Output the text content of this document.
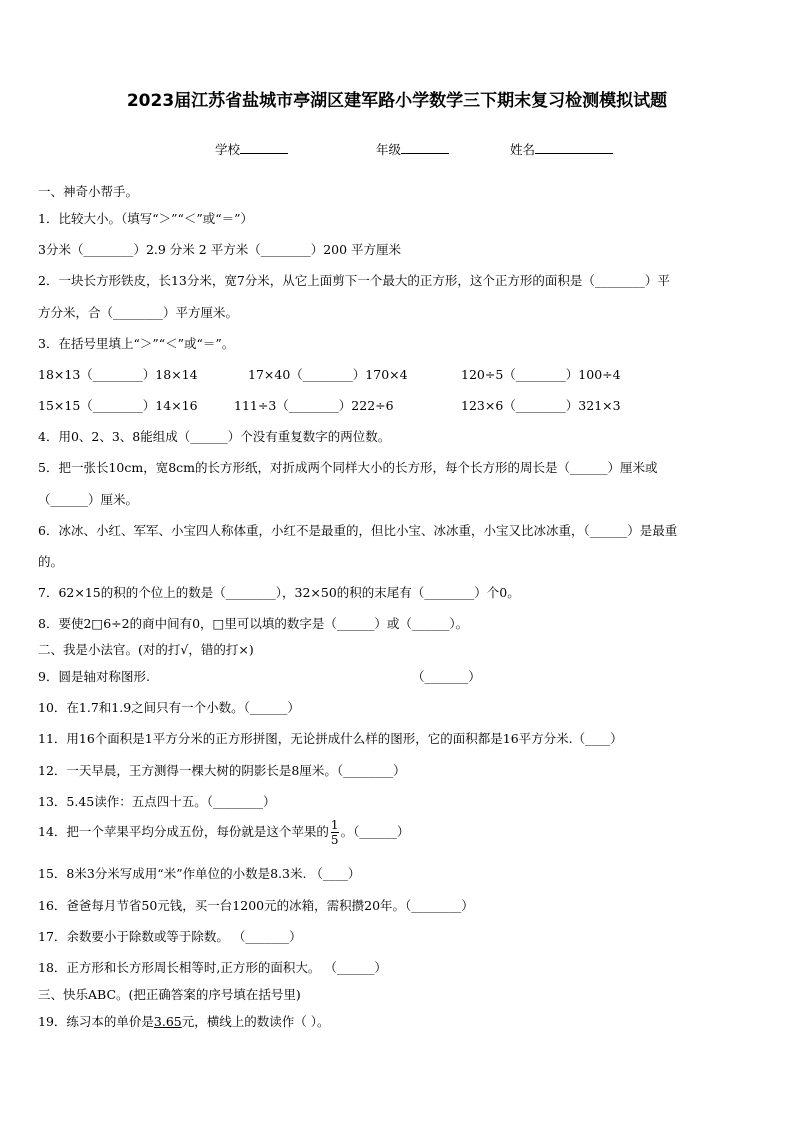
2023届江苏省盐城市亭湖区建军路小学数学三下期末复习检测模拟试题
学校	年级	姓名
一、神奇小帮手。
1．比较大小。（填写“＞”“＜”或“＝”）
3分米（________）2.9 分米 2 平方米（________）200 平方厘米
2．一块长方形铁皮，长13分米，宽7分米，从它上面剪下一个最大的正方形，这个正方形的面积是（________）平
方分米，合（________）平方厘米。
3．在括号里填上“＞”“＜”或“＝”。
18×13（________）18×14	17×40（________）170×4	120÷5（________）100÷4
15×15（________）14×16	111÷3（________）222÷6	123×6（________）321×3
4．用0、2、3、8能组成（______）个没有重复数字的两位数。
5．把一张长10cm，宽8cm的长方形纸，对折成两个同样大小的长方形，每个长方形的周长是（______）厘米或
（______）厘米。
6．冰冰、小红、军军、小宝四人称体重，小红不是最重的，但比小宝、冰冰重，小宝又比冰冰重，（______）是最重
的。
7．62×15的积的个位上的数是（________），32×50的积的末尾有（________）个0。
8．要使2□6÷2的商中间有0，□里可以填的数字是（______）或（______）。
二、我是小法官。(对的打√，错的打×)
9．圆是轴对称图形.	（_______）
10．在1.7和1.9之间只有一个小数。（______）
11．用16个面积是1平方分米的正方形拼图，无论拼成什么样的图形，它的面积都是16平方分米.（____）
12．一天早晨，王方测得一棵大树的阴影长是8厘米。（________）
13．5.45读作：五点四十五。（________）
14．把一个苹果平均分成五份，每份就是这个苹果的 $\frac{1}{5}$ 。（______）
15．8米3分米写成用“米”作单位的小数是8.3米. （____）
16．爸爸每月节省50元钱，买一台1200元的冰箱，需积攒20年。（________）
17．余数要小于除数或等于除数。 （_______）
18．正方形和长方形周长相等时,正方形的面积大。 （______）
三、快乐ABC。(把正确答案的序号填在括号里)
19．练习本的单价是3.65元，横线上的数读作（ ）。
